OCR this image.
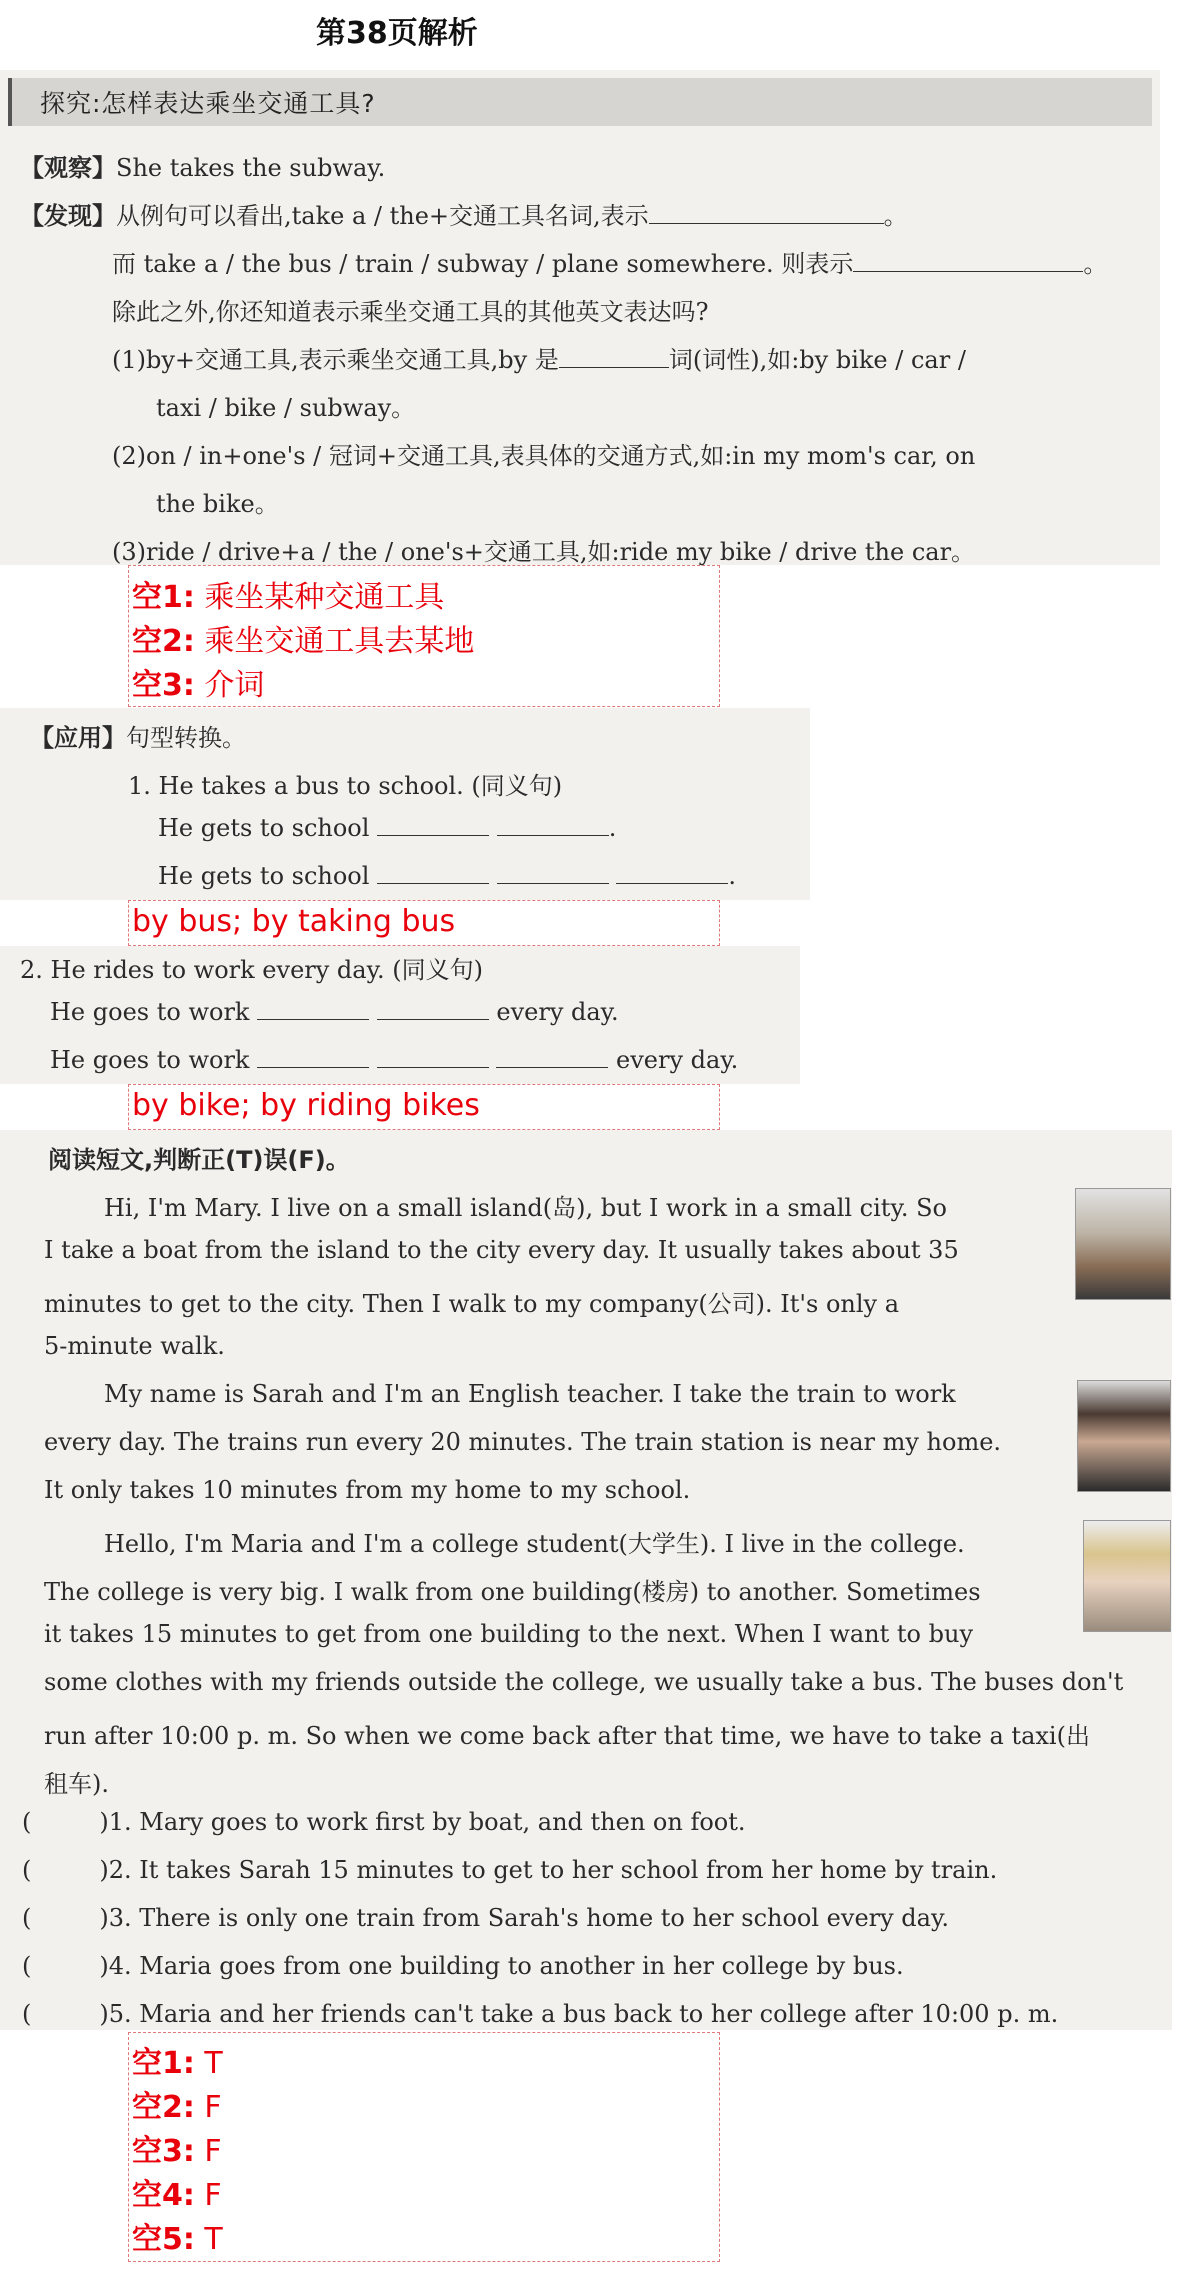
第38页解析
探究:怎样表达乘坐交通工具?
【观察】She takes the subway.
【发现】从例句可以看出,take a / the+交通工具名词,表示	。
而 take a / the bus / train / subway / plane somewhere. 则表示	。
除此之外,你还知道表示乘坐交通工具的其他英文表达吗?
(1)by+交通工具,表示乘坐交通工具,by 是	词(词性),如:by bike / car /
taxi / bike / subway。
(2)on / in+one's / 冠词+交通工具,表具体的交通方式,如:in my mom's car, on
the bike。
(3)ride / drive+a / the / one's+交通工具,如:ride my bike / drive the car。
空1: 乘坐某种交通工具
空2: 乘坐交通工具去某地
空3: 介词
【应用】句型转换。
1. He takes a bus to school. (同义句)
He gets to school	.
He gets to school	.
by bus; by taking bus
2. He rides to work every day. (同义句)
He goes to work	every day.
He goes to work	every day.
by bike; by riding bikes
阅读短文,判断正(T)误(F)。
Hi, I'm Mary. I live on a small island(岛), but I work in a small city. So
I take a boat from the island to the city every day. It usually takes about 35
minutes to get to the city. Then I walk to my company(公司). It's only a
5-minute walk.
My name is Sarah and I'm an English teacher. I take the train to work
every day. The trains run every 20 minutes. The train station is near my home.
It only takes 10 minutes from my home to my school.
Hello, I'm Maria and I'm a college student(大学生). I live in the college.
The college is very big. I walk from one building(楼房) to another. Sometimes
it takes 15 minutes to get from one building to the next. When I want to buy
some clothes with my friends outside the college, we usually take a bus. The buses don't
run after 10:00 p. m. So when we come back after that time, we have to take a taxi(出
租车).
(	)1. Mary goes to work first by boat, and then on foot.
(	)2. It takes Sarah 15 minutes to get to her school from her home by train.
(	)3. There is only one train from Sarah's home to her school every day.
(	)4. Maria goes from one building to another in her college by bus.
(	)5. Maria and her friends can't take a bus back to her college after 10:00 p. m.
空1: T
空2: F
空3: F
空4: F
空5: T
